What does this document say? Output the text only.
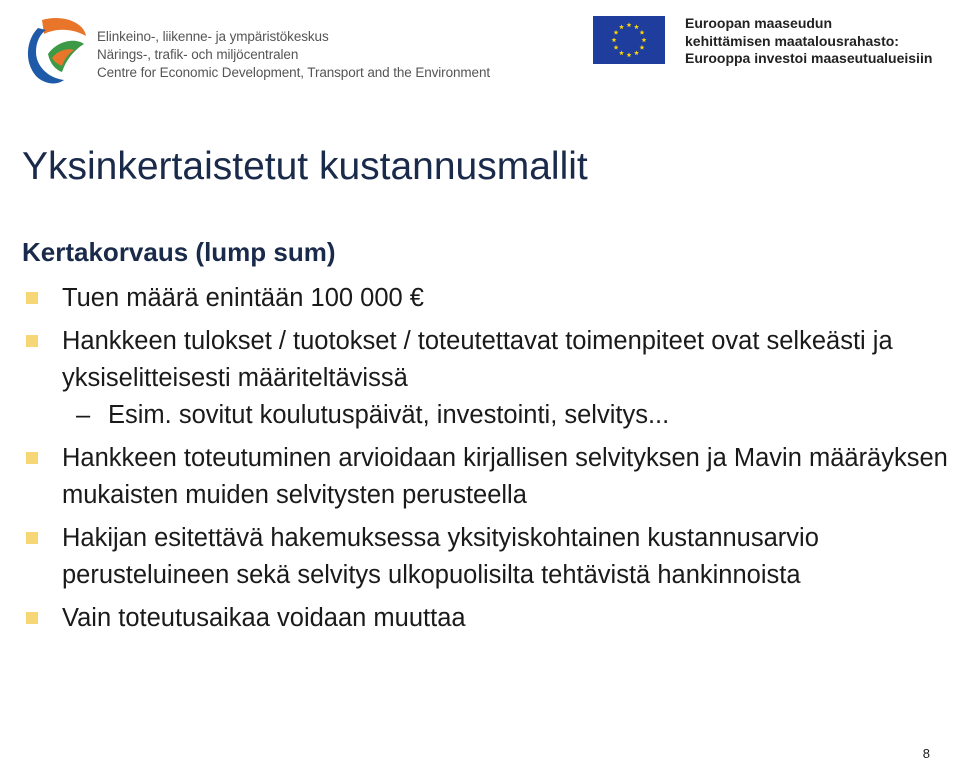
Elinkeino-, liikenne- ja ympäristökeskus
Närings-, trafik- och miljöcentralen
Centre for Economic Development, Transport and the Environment
Euroopan maaseudun
kehittämisen maatalousrahasto:
Eurooppa investoi maaseutualueisiin
Yksinkertaistetut kustannusmallit
Kertakorvaus (lump sum)
Tuen määrä enintään 100 000 €
Hankkeen tulokset / tuotokset / toteutettavat toimenpiteet ovat selkeästi ja yksiselitteisesti määriteltävissä
– Esim. sovitut koulutuspäivät, investointi, selvitys...
Hankkeen toteutuminen arvioidaan kirjallisen selvityksen ja Mavin määräyksen mukaisten muiden selvitysten perusteella
Hakijan esitettävä hakemuksessa yksityiskohtainen kustannusarvio perusteluineen sekä selvitys ulkopuolisilta tehtävistä hankinnoista
Vain toteutusaikaa voidaan muuttaa
8
